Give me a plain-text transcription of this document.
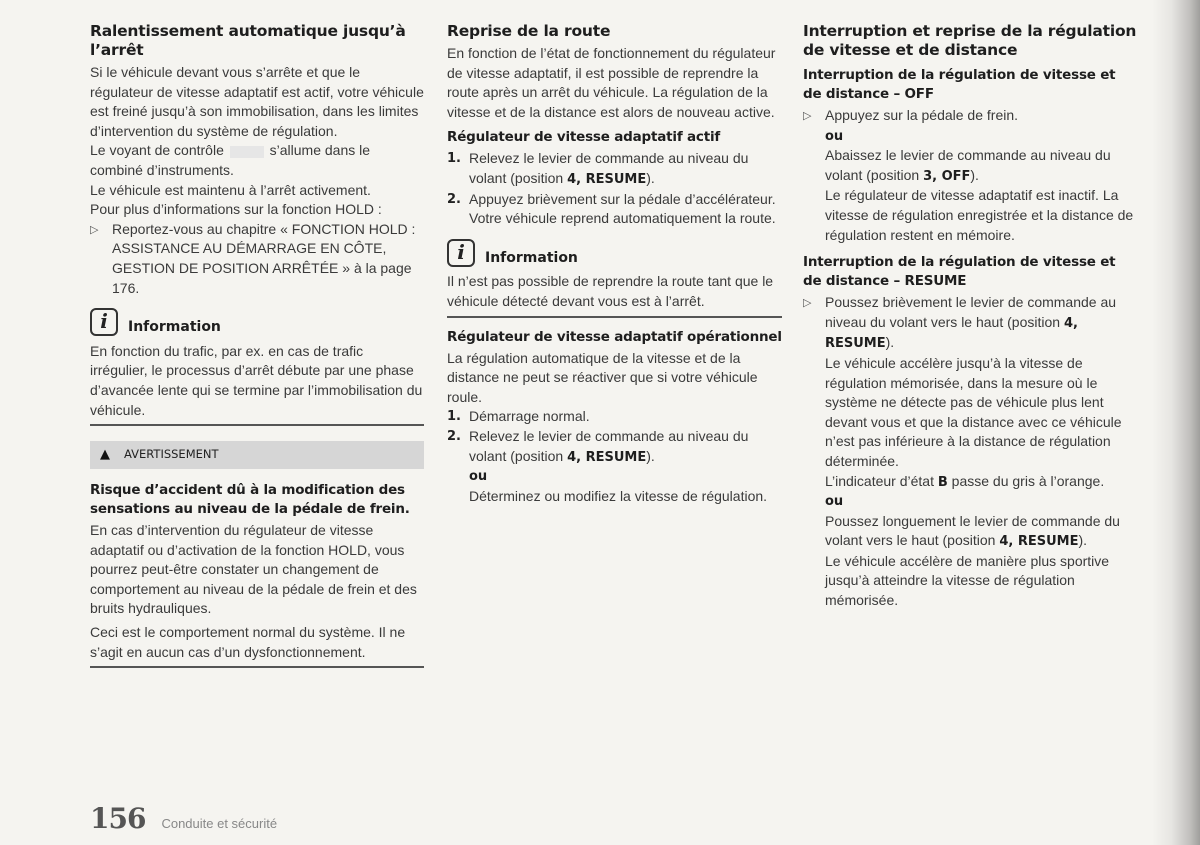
Ralentissement automatique jusqu’à l’arrêt

Si le véhicule devant vous s’arrête et que le régulateur de vitesse adaptatif est actif, votre véhicule est freiné jusqu’à son immobilisation, dans les limites d’intervention du système de régulation.

Le voyant de contrôle	s’allume dans le combiné d’instruments.

Le véhicule est maintenu à l’arrêt activement.

Pour plus d’informations sur la fonction HOLD :

▷ Reportez-vous au chapitre « FONCTION HOLD : ASSISTANCE AU DÉMARRAGE EN CÔTE, GESTION DE POSITION ARRÊTÉE » à la page 176.
i	Information

En fonction du trafic, par ex. en cas de trafic irrégulier, le processus d’arrêt débute par une phase d’avancée lente qui se termine par l’immobilisation du véhicule.

▲ AVERTISSEMENT
Risque d’accident dû à la modification des sensations au niveau de la pédale de frein.

En cas d’intervention du régulateur de vitesse adaptatif ou d’activation de la fonction HOLD, vous pourrez peut-être constater un changement de comportement au niveau de la pédale de frein et des bruits hydrauliques.

Ceci est le comportement normal du système. Il ne s’agit en aucun cas d’un dysfonctionnement.

Reprise de la route

En fonction de l’état de fonctionnement du régulateur de vitesse adaptatif, il est possible de reprendre la route après un arrêt du véhicule. La régulation de la vitesse et de la distance est alors de nouveau active.

Régulateur de vitesse adaptatif actif
1. Relevez le levier de commande au niveau du volant (position 4, RESUME).
2. Appuyez brièvement sur la pédale d’accélérateur.

Votre véhicule reprend automatiquement la route.

i	Information

Il n’est pas possible de reprendre la route tant que le véhicule détecté devant vous est à l’arrêt.

Régulateur de vitesse adaptatif opérationnel

La régulation automatique de la vitesse et de la distance ne peut se réactiver que si votre véhicule roule.

1. Démarrage normal.
2. Relevez le levier de commande au niveau du volant (position 4, RESUME).

ou

Déterminez ou modifiez la vitesse de régulation.

Interruption et reprise de la régulation de vitesse et de distance
Interruption de la régulation de vitesse et de distance – OFF
▷ Appuyez sur la pédale de frein.

ou

Abaissez le levier de commande au niveau du volant (position 3, OFF).

Le régulateur de vitesse adaptatif est inactif. La vitesse de régulation enregistrée et la distance de régulation restent en mémoire.

Interruption de la régulation de vitesse et de distance – RESUME
▷ Poussez brièvement le levier de commande au niveau du volant vers le haut (position 4, RESUME).

Le véhicule accélère jusqu’à la vitesse de régulation mémorisée, dans la mesure où le système ne détecte pas de véhicule plus lent devant vous et que la distance avec ce véhicule n’est pas inférieure à la distance de régulation déterminée.

L’indicateur d’état B passe du gris à l’orange.

ou

Poussez longuement le levier de commande du volant vers le haut (position 4, RESUME).

Le véhicule accélère de manière plus sportive jusqu’à atteindre la vitesse de régulation mémorisée.

156 Conduite et sécurité
